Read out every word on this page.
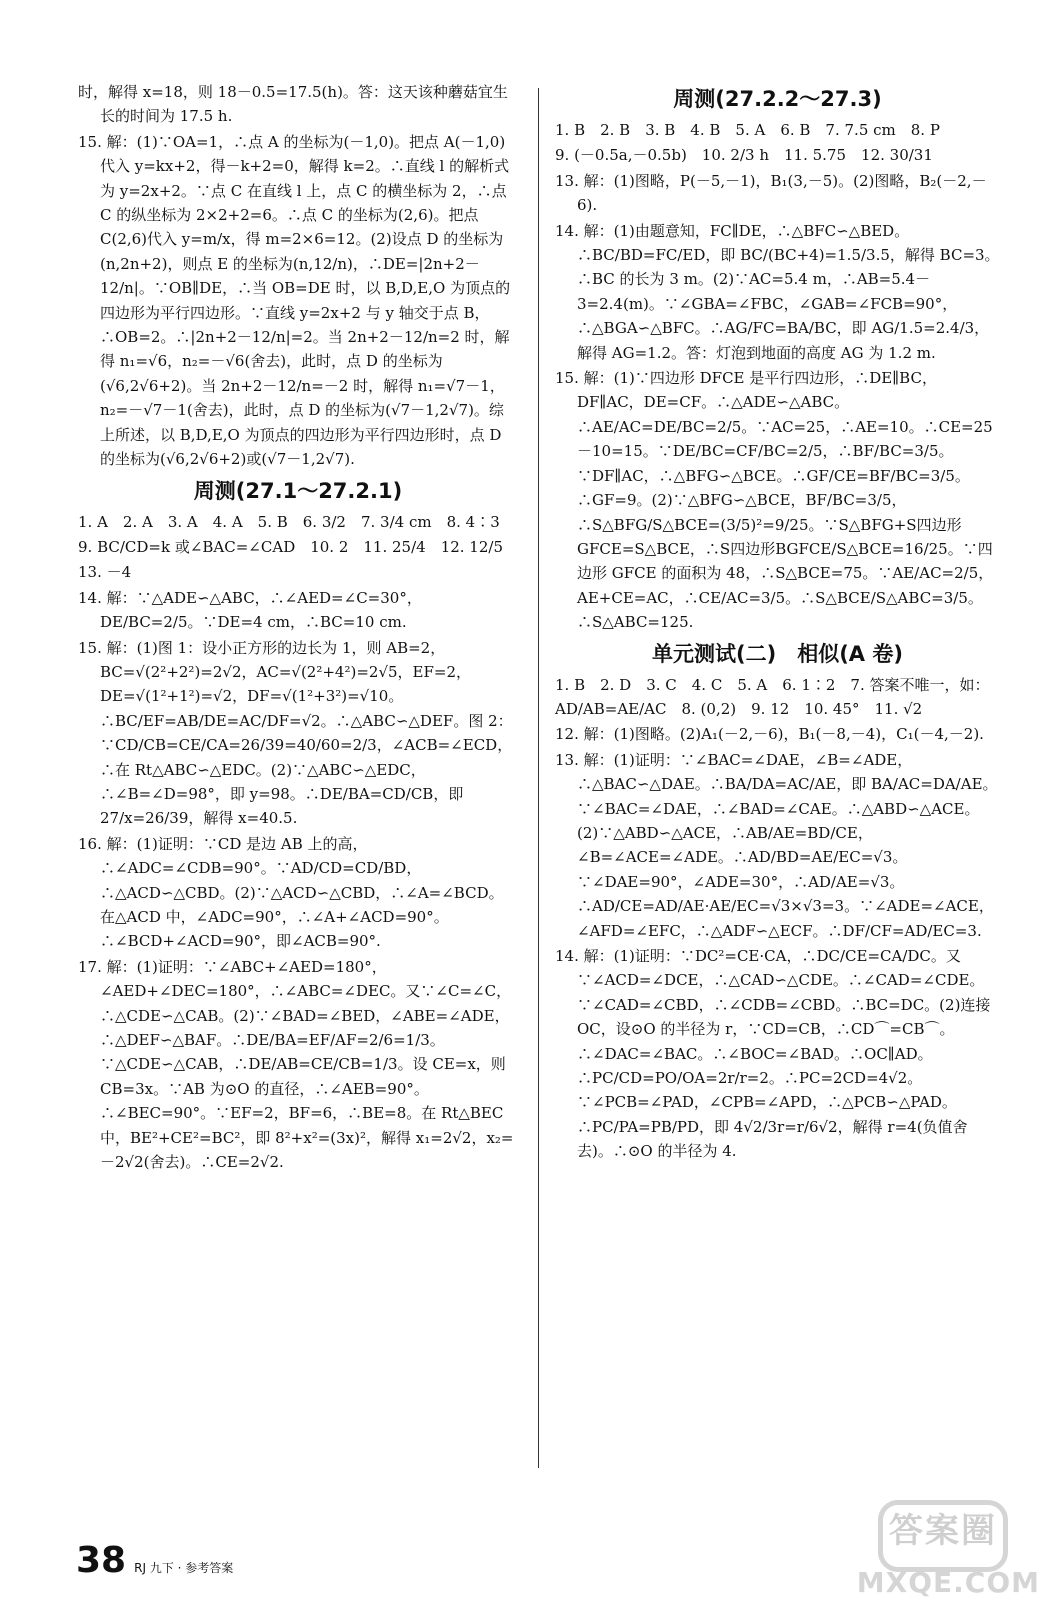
时，解得 x=18，则 18－0.5=17.5(h)。答：这天该种蘑菇宜生长的时间为 17.5 h.
15. 解：(1)∵OA=1，∴点 A 的坐标为(－1,0)。把点 A(－1,0)代入 y=kx+2，得－k+2=0，解得 k=2。∴直线 l 的解析式为 y=2x+2。∵点 C 在直线 l 上，点 C 的横坐标为 2，∴点 C 的纵坐标为 2×2+2=6。∴点 C 的坐标为(2,6)。把点 C(2,6)代入 y=m/x，得 m=2×6=12。(2)设点 D 的坐标为(n,2n+2)，则点 E 的坐标为(n,12/n)，∴DE=|2n+2－12/n|。∵OB∥DE，∴当 OB=DE 时，以 B,D,E,O 为顶点的四边形为平行四边形。∵直线 y=2x+2 与 y 轴交于点 B，∴OB=2。∴|2n+2－12/n|=2。当 2n+2－12/n=2 时，解得 n₁=√6，n₂=－√6(舍去)，此时，点 D 的坐标为(√6,2√6+2)。当 2n+2－12/n=－2 时，解得 n₁=√7－1，n₂=－√7－1(舍去)，此时，点 D 的坐标为(√7－1,2√7)。综上所述，以 B,D,E,O 为顶点的四边形为平行四边形时，点 D 的坐标为(√6,2√6+2)或(√7－1,2√7).
周测(27.1～27.2.1)
1. A　2. A　3. A　4. A　5. B　6. 3/2　7. 3/4 cm　8. 4∶3
9. BC/CD=k 或∠BAC=∠CAD　10. 2　11. 25/4　12. 12/5
13. －4
14. 解：∵△ADE∽△ABC，∴∠AED=∠C=30°，DE/BC=2/5。∵DE=4 cm，∴BC=10 cm.
15. 解：(1)图 1：设小正方形的边长为 1，则 AB=2，BC=√(2²+2²)=2√2，AC=√(2²+4²)=2√5，EF=2，DE=√(1²+1²)=√2，DF=√(1²+3²)=√10。∴BC/EF=AB/DE=AC/DF=√2。∴△ABC∽△DEF。图 2：∵CD/CB=CE/CA=26/39=40/60=2/3，∠ACB=∠ECD，∴在 Rt△ABC∽△EDC。(2)∵△ABC∽△EDC，∴∠B=∠D=98°，即 y=98。∴DE/BA=CD/CB，即 27/x=26/39，解得 x=40.5.
16. 解：(1)证明：∵CD 是边 AB 上的高，∴∠ADC=∠CDB=90°。∵AD/CD=CD/BD，∴△ACD∽△CBD。(2)∵△ACD∽△CBD，∴∠A=∠BCD。在△ACD 中，∠ADC=90°，∴∠A+∠ACD=90°。∴∠BCD+∠ACD=90°，即∠ACB=90°.
17. 解：(1)证明：∵∠ABC+∠AED=180°，∠AED+∠DEC=180°，∴∠ABC=∠DEC。又∵∠C=∠C，∴△CDE∽△CAB。(2)∵∠BAD=∠BED，∠ABE=∠ADE，∴△DEF∽△BAF。∴DE/BA=EF/AF=2/6=1/3。∵△CDE∽△CAB，∴DE/AB=CE/CB=1/3。设 CE=x，则 CB=3x。∵AB 为⊙O 的直径，∴∠AEB=90°。∴∠BEC=90°。∵EF=2，BF=6，∴BE=8。在 Rt△BEC 中，BE²+CE²=BC²，即 8²+x²=(3x)²，解得 x₁=2√2，x₂=－2√2(舍去)。∴CE=2√2.
周测(27.2.2～27.3)
1. B　2. B　3. B　4. B　5. A　6. B　7. 7.5 cm　8. P
9. (－0.5a,－0.5b)　10. 2/3 h　11. 5.75　12. 30/31
13. 解：(1)图略，P(－5,－1)，B₁(3,－5)。(2)图略，B₂(－2,－6).
14. 解：(1)由题意知，FC∥DE，∴△BFC∽△BED。∴BC/BD=FC/ED，即 BC/(BC+4)=1.5/3.5，解得 BC=3。∴BC 的长为 3 m。(2)∵AC=5.4 m，∴AB=5.4－3=2.4(m)。∵∠GBA=∠FBC，∠GAB=∠FCB=90°，∴△BGA∽△BFC。∴AG/FC=BA/BC，即 AG/1.5=2.4/3，解得 AG=1.2。答：灯泡到地面的高度 AG 为 1.2 m.
15. 解：(1)∵四边形 DFCE 是平行四边形，∴DE∥BC，DF∥AC，DE=CF。∴△ADE∽△ABC。∴AE/AC=DE/BC=2/5。∵AC=25，∴AE=10。∴CE=25－10=15。∵DE/BC=CF/BC=2/5，∴BF/BC=3/5。∵DF∥AC，∴△BFG∽△BCE。∴GF/CE=BF/BC=3/5。∴GF=9。(2)∵△BFG∽△BCE，BF/BC=3/5，∴S△BFG/S△BCE=(3/5)²=9/25。∵S△BFG+S四边形GFCE=S△BCE，∴S四边形BGFCE/S△BCE=16/25。∵四边形 GFCE 的面积为 48，∴S△BCE=75。∵AE/AC=2/5，AE+CE=AC，∴CE/AC=3/5。∴S△BCE/S△ABC=3/5。∴S△ABC=125.
单元测试(二)　相似(A 卷)
1. B　2. D　3. C　4. C　5. A　6. 1∶2　7. 答案不唯一，如：AD/AB=AE/AC　8. (0,2)　9. 12　10. 45°　11. √2
12. 解：(1)图略。(2)A₁(－2,－6)，B₁(－8,－4)，C₁(－4,－2).
13. 解：(1)证明：∵∠BAC=∠DAE，∠B=∠ADE，∴△BAC∽△DAE。∴BA/DA=AC/AE，即 BA/AC=DA/AE。∵∠BAC=∠DAE，∴∠BAD=∠CAE。∴△ABD∽△ACE。(2)∵△ABD∽△ACE，∴AB/AE=BD/CE，∠B=∠ACE=∠ADE。∴AD/BD=AE/EC=√3。∵∠DAE=90°，∠ADE=30°，∴AD/AE=√3。∴AD/CE=AD/AE·AE/EC=√3×√3=3。∵∠ADE=∠ACE，∠AFD=∠EFC，∴△ADF∽△ECF。∴DF/CF=AD/EC=3.
14. 解：(1)证明：∵DC²=CE·CA，∴DC/CE=CA/DC。又∵∠ACD=∠DCE，∴△CAD∽△CDE。∴∠CAD=∠CDE。∵∠CAD=∠CBD，∴∠CDB=∠CBD。∴BC=DC。(2)连接 OC，设⊙O 的半径为 r，∵CD=CB，∴CD⌒=CB⌒。∴∠DAC=∠BAC。∴∠BOC=∠BAD。∴OC∥AD。∴PC/CD=PO/OA=2r/r=2。∴PC=2CD=4√2。∵∠PCB=∠PAD，∠CPB=∠APD，∴△PCB∽△PAD。∴PC/PA=PB/PD，即 4√2/3r=r/6√2，解得 r=4(负值舍去)。∴⊙O 的半径为 4.
38 RJ 九下 · 参考答案
答案圈
MXQE.COM
